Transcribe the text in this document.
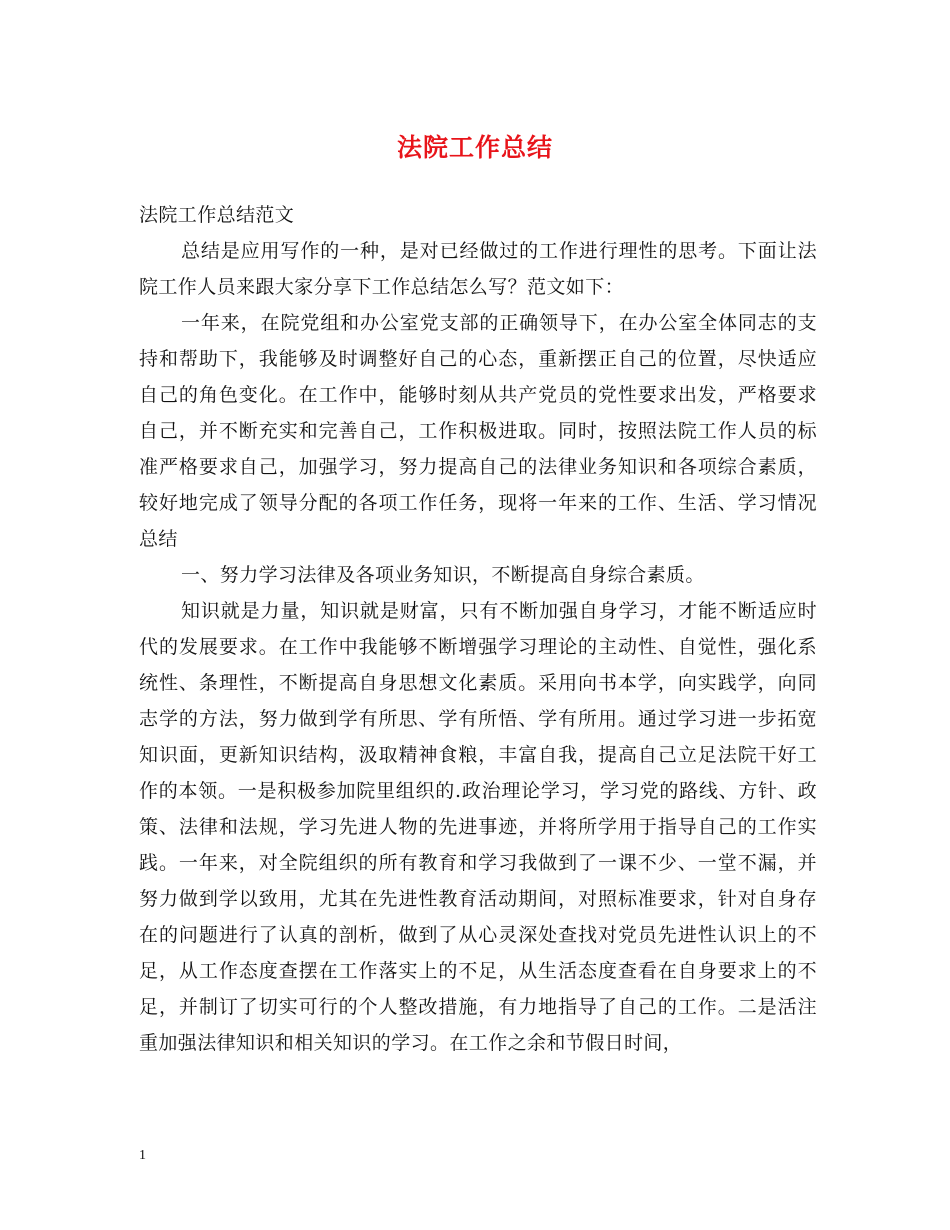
法院工作总结

法院工作总结范文

总结是应用写作的一种，是对已经做过的工作进行理性的思考。下面让法院工作人员来跟大家分享下工作总结怎么写？范文如下：

一年来，在院党组和办公室党支部的正确领导下，在办公室全体同志的支持和帮助下，我能够及时调整好自己的心态，重新摆正自己的位置，尽快适应自己的角色变化。在工作中，能够时刻从共产党员的党性要求出发，严格要求自己，并不断充实和完善自己，工作积极进取。同时，按照法院工作人员的标准严格要求自己，加强学习，努力提高自己的法律业务知识和各项综合素质，较好地完成了领导分配的各项工作任务，现将一年来的工作、生活、学习情况总结

一、努力学习法律及各项业务知识，不断提高自身综合素质。

知识就是力量，知识就是财富，只有不断加强自身学习，才能不断适应时代的发展要求。在工作中我能够不断增强学习理论的主动性、自觉性，强化系统性、条理性，不断提高自身思想文化素质。采用向书本学，向实践学，向同志学的方法，努力做到学有所思、学有所悟、学有所用。通过学习进一步拓宽知识面，更新知识结构，汲取精神食粮，丰富自我，提高自己立足法院干好工作的本领。一是积极参加院里组织的.政治理论学习，学习党的路线、方针、政策、法律和法规，学习先进人物的先进事迹，并将所学用于指导自己的工作实践。一年来，对全院组织的所有教育和学习我做到了一课不少、一堂不漏，并努力做到学以致用，尤其在先进性教育活动期间，对照标准要求，针对自身存在的问题进行了认真的剖析，做到了从心灵深处查找对党员先进性认识上的不足，从工作态度查摆在工作落实上的不足，从生活态度查看在自身要求上的不足，并制订了切实可行的个人整改措施，有力地指导了自己的工作。二是活注重加强法律知识和相关知识的学习。在工作之余和节假日时间，

1
